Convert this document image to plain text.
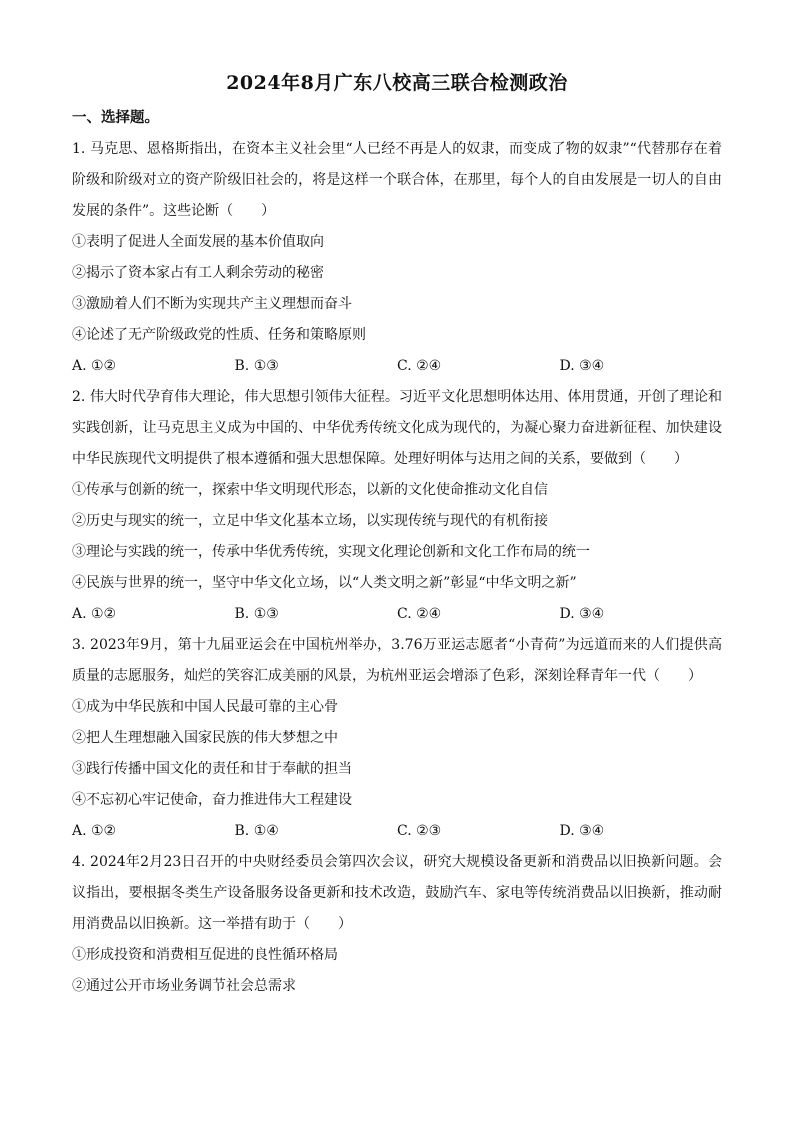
2024年8月广东八校高三联合检测政治
一、选择题。

1. 马克思、恩格斯指出，在资本主义社会里“人已经不再是人的奴隶，而变成了物的奴隶”“代替那存在着阶级和阶级对立的资产阶级旧社会的，将是这样一个联合体，在那里，每个人的自由发展是一切人的自由发展的条件”。这些论断（　　）

①表明了促进人全面发展的基本价值取向

②揭示了资本家占有工人剩余劳动的秘密

③激励着人们不断为实现共产主义理想而奋斗

④论述了无产阶级政党的性质、任务和策略原则

A. ①②	B. ①③	C. ②④	D. ③④

2. 伟大时代孕育伟大理论，伟大思想引领伟大征程。习近平文化思想明体达用、体用贯通，开创了理论和实践创新，让马克思主义成为中国的、中华优秀传统文化成为现代的，为凝心聚力奋进新征程、加快建设中华民族现代文明提供了根本遵循和强大思想保障。处理好明体与达用之间的关系，要做到（　　）

①传承与创新的统一，探索中华文明现代形态，以新的文化使命推动文化自信

②历史与现实的统一，立足中华文化基本立场，以实现传统与现代的有机衔接

③理论与实践的统一，传承中华优秀传统，实现文化理论创新和文化工作布局的统一

④民族与世界的统一，坚守中华文化立场，以“人类文明之新”彰显“中华文明之新”

A. ①②	B. ①③	C. ②④	D. ③④

3. 2023年9月，第十九届亚运会在中国杭州举办，3.76万亚运志愿者“小青荷”为远道而来的人们提供高质量的志愿服务，灿烂的笑容汇成美丽的风景，为杭州亚运会增添了色彩，深刻诠释青年一代（　　）

①成为中华民族和中国人民最可靠的主心骨

②把人生理想融入国家民族的伟大梦想之中

③践行传播中国文化的责任和甘于奉献的担当

④不忘初心牢记使命，奋力推进伟大工程建设

A. ①②	B. ①④	C. ②③	D. ③④

4. 2024年2月23日召开的中央财经委员会第四次会议，研究大规模设备更新和消费品以旧换新问题。会议指出，要根据冬类生产设备服务设备更新和技术改造，鼓励汽车、家电等传统消费品以旧换新，推动耐用消费品以旧换新。这一举措有助于（　　）

①形成投资和消费相互促进的良性循环格局

②通过公开市场业务调节社会总需求
